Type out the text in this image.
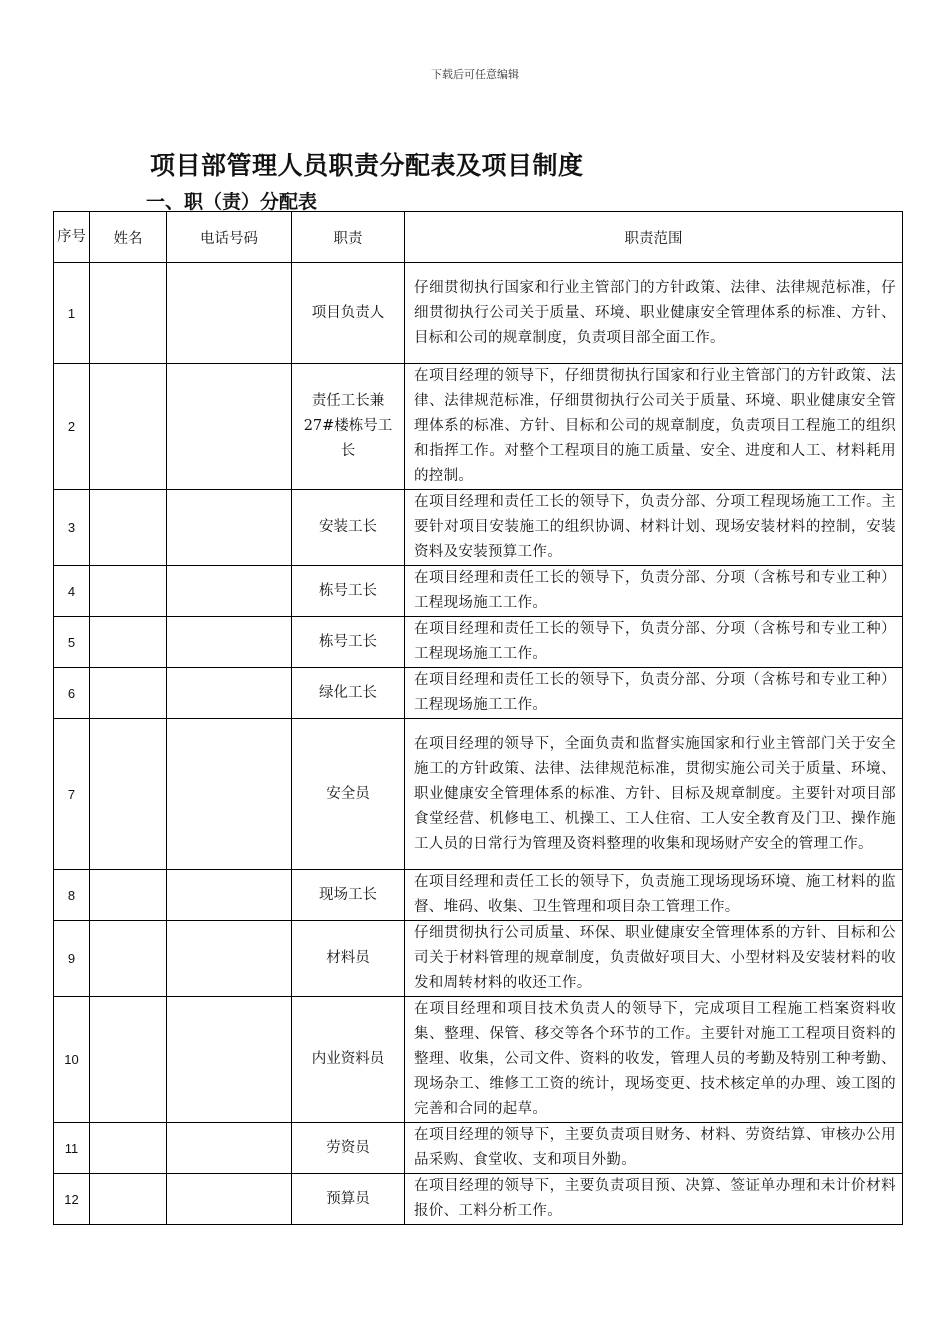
下载后可任意编辑
项目部管理人员职责分配表及项目制度
一、职（责）分配表
序号	姓名	电话号码	职责	职责范围
1			项目负责人	仔细贯彻执行国家和行业主管部门的方针政策、法律、法律规范标准，仔细贯彻执行公司关于质量、环境、职业健康安全管理体系的标准、方针、目标和公司的规章制度，负责项目部全面工作。
2			责任工长兼27#楼栋号工长	在项目经理的领导下，仔细贯彻执行国家和行业主管部门的方针政策、法律、法律规范标准，仔细贯彻执行公司关于质量、环境、职业健康安全管理体系的标准、方针、目标和公司的规章制度，负责项目工程施工的组织和指挥工作。对整个工程项目的施工质量、安全、进度和人工、材料耗用的控制。
3			安装工长	在项目经理和责任工长的领导下，负责分部、分项工程现场施工工作。主要针对项目安装施工的组织协调、材料计划、现场安装材料的控制，安装资料及安装预算工作。
4			栋号工长	在项目经理和责任工长的领导下，负责分部、分项（含栋号和专业工种）工程现场施工工作。
5			栋号工长	在项目经理和责任工长的领导下，负责分部、分项（含栋号和专业工种）工程现场施工工作。
6			绿化工长	在项目经理和责任工长的领导下，负责分部、分项（含栋号和专业工种）工程现场施工工作。
7			安全员	在项目经理的领导下，全面负责和监督实施国家和行业主管部门关于安全施工的方针政策、法律、法律规范标准，贯彻实施公司关于质量、环境、职业健康安全管理体系的标准、方针、目标及规章制度。主要针对项目部食堂经营、机修电工、机操工、工人住宿、工人安全教育及门卫、操作施工人员的日常行为管理及资料整理的收集和现场财产安全的管理工作。
8			现场工长	在项目经理和责任工长的领导下，负责施工现场现场环境、施工材料的监督、堆码、收集、卫生管理和项目杂工管理工作。
9			材料员	仔细贯彻执行公司质量、环保、职业健康安全管理体系的方针、目标和公司关于材料管理的规章制度，负责做好项目大、小型材料及安装材料的收发和周转材料的收还工作。
10			内业资料员	在项目经理和项目技术负责人的领导下，完成项目工程施工档案资料收集、整理、保管、移交等各个环节的工作。主要针对施工工程项目资料的整理、收集，公司文件、资料的收发，管理人员的考勤及特别工种考勤、现场杂工、维修工工资的统计，现场变更、技术核定单的办理、竣工图的完善和合同的起草。
11			劳资员	在项目经理的领导下，主要负责项目财务、材料、劳资结算、审核办公用品采购、食堂收、支和项目外勤。
12			预算员	在项目经理的领导下，主要负责项目预、决算、签证单办理和未计价材料报价、工料分析工作。
